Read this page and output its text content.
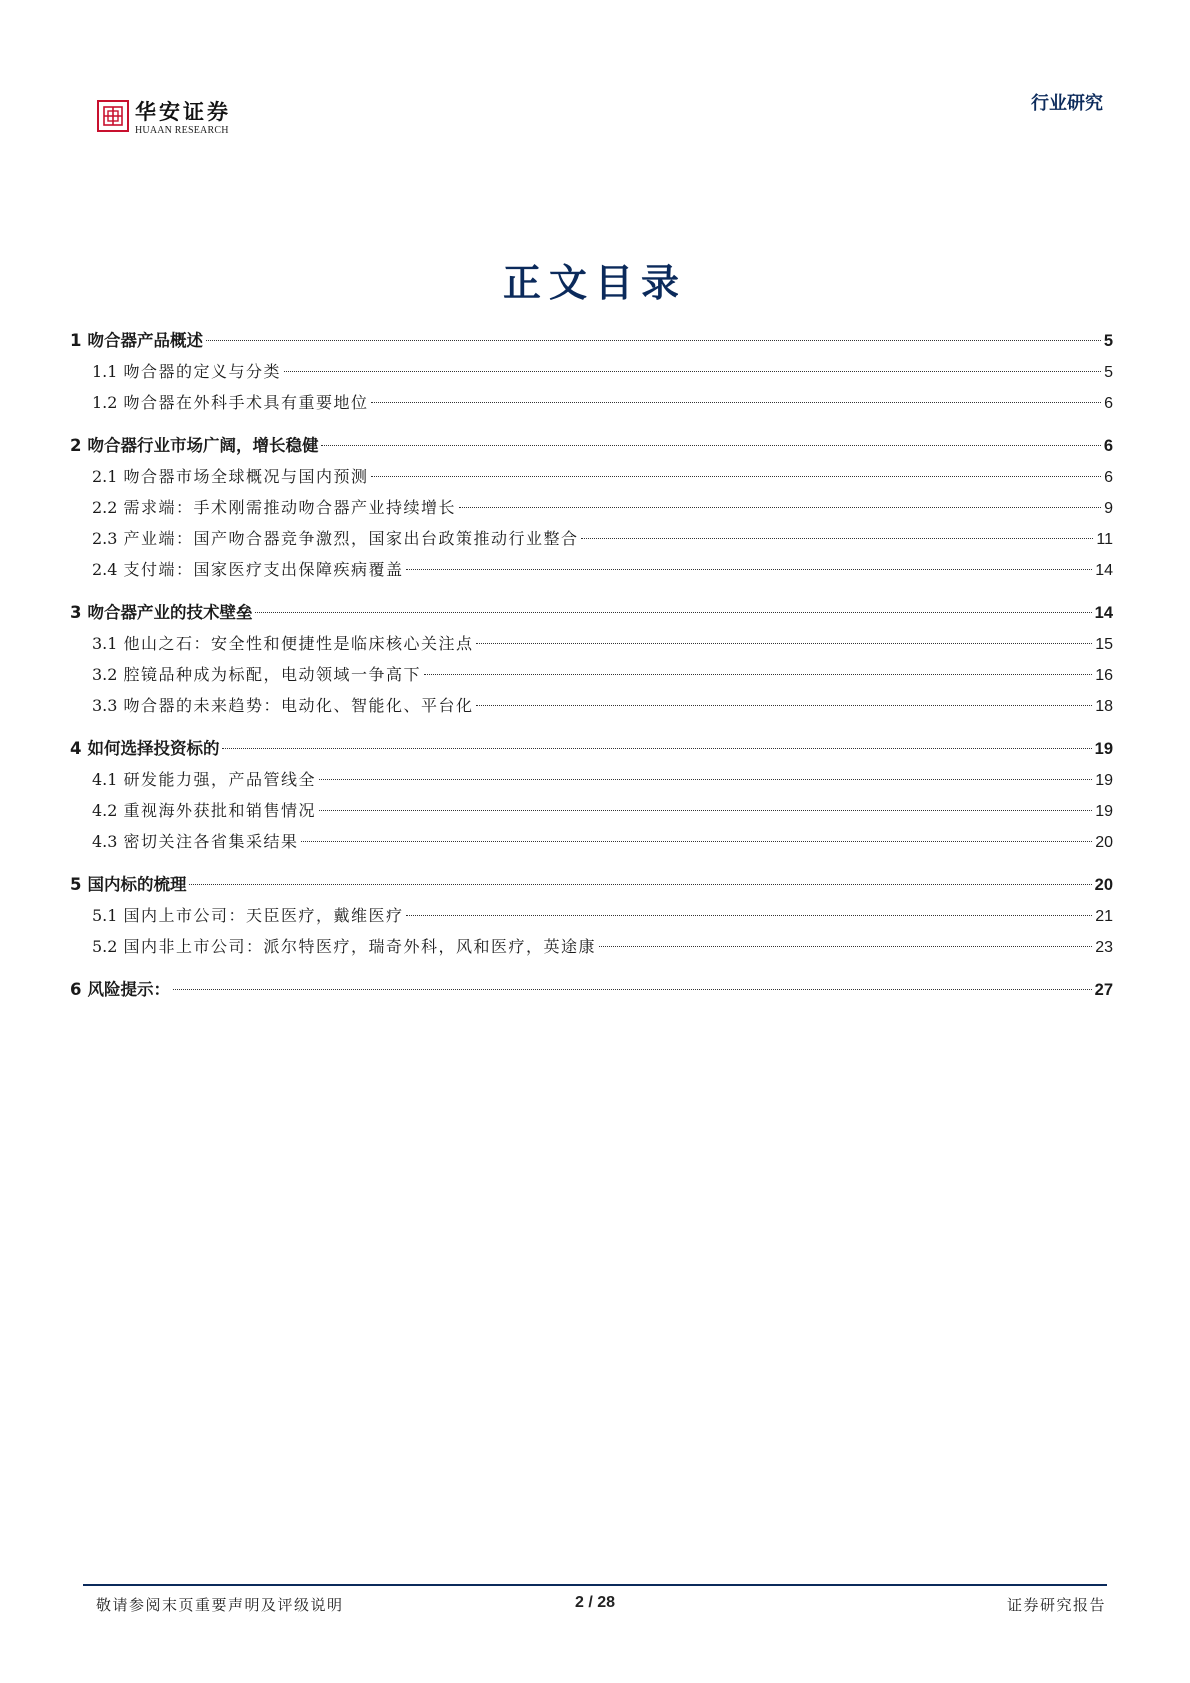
华安证券
HUAAN RESEARCH
行业研究
正文目录
1 吻合器产品概述	5
1.1 吻合器的定义与分类	5
1.2 吻合器在外科手术具有重要地位	6
2 吻合器行业市场广阔，增长稳健	6
2.1 吻合器市场全球概况与国内预测	6
2.2 需求端：手术刚需推动吻合器产业持续增长	9
2.3 产业端：国产吻合器竞争激烈，国家出台政策推动行业整合	11
2.4 支付端：国家医疗支出保障疾病覆盖	14
3 吻合器产业的技术壁垒	14
3.1 他山之石：安全性和便捷性是临床核心关注点	15
3.2 腔镜品种成为标配，电动领域一争高下	16
3.3 吻合器的未来趋势：电动化、智能化、平台化	18
4 如何选择投资标的	19
4.1 研发能力强，产品管线全	19
4.2 重视海外获批和销售情况	19
4.3 密切关注各省集采结果	20
5 国内标的梳理	20
5.1 国内上市公司：天臣医疗，戴维医疗	21
5.2 国内非上市公司：派尔特医疗，瑞奇外科，风和医疗，英途康	23
6 风险提示：	27
敬请参阅末页重要声明及评级说明	2 / 28	证券研究报告
